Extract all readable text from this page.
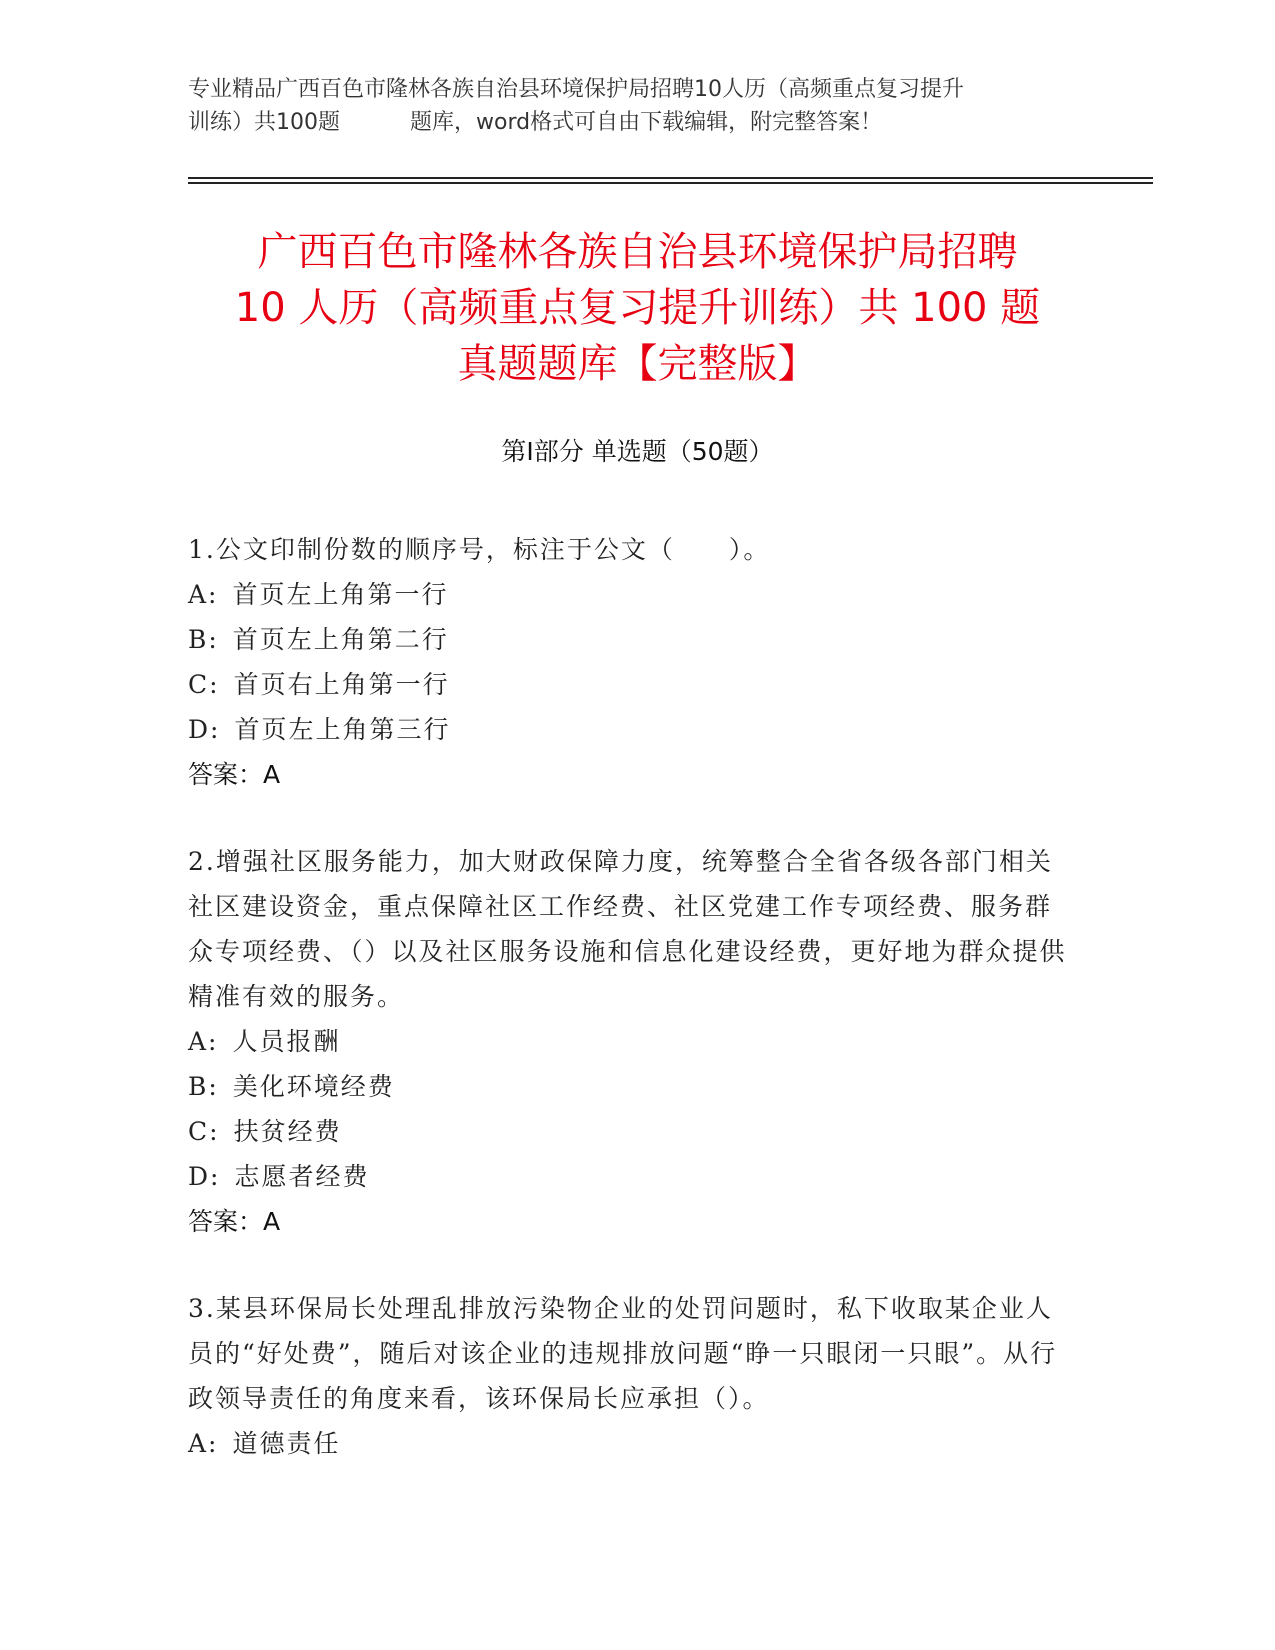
专业精品广西百色市隆林各族自治县环境保护局招聘10人历（高频重点复习提升
训练）共100题	题库，word格式可自由下载编辑，附完整答案！
广西百色市隆林各族自治县环境保护局招聘
10 人历（高频重点复习提升训练）共 100 题
真题题库【完整版】
第Ⅰ部分 单选题（50题）
1.公文印制份数的顺序号，标注于公文（　　）。
A: 首页左上角第一行
B: 首页左上角第二行
C: 首页右上角第一行
D: 首页左上角第三行
答案：A
2.增强社区服务能力，加大财政保障力度，统筹整合全省各级各部门相关社区建设资金，重点保障社区工作经费、社区党建工作专项经费、服务群众专项经费、（）以及社区服务设施和信息化建设经费，更好地为群众提供精准有效的服务。
A: 人员报酬
B: 美化环境经费
C: 扶贫经费
D: 志愿者经费
答案：A
3.某县环保局长处理乱排放污染物企业的处罚问题时，私下收取某企业人员的“好处费”，随后对该企业的违规排放问题“睁一只眼闭一只眼”。从行政领导责任的角度来看，该环保局长应承担（）。
A: 道德责任
